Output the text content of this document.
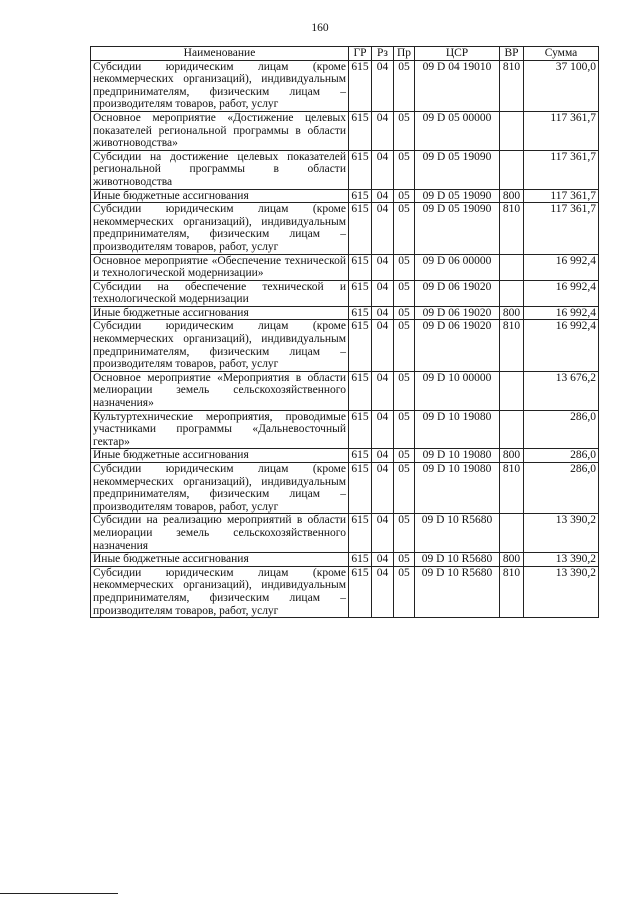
160
Наименование	ГР	Рз	Пр	ЦСР	ВР	Сумма
Субсидии юридическим лицам (кроме некоммерческих организаций), индивидуальным предпринимателям, физическим лицам – производителям товаров, работ, услуг	615	04	05	09 D 04 19010	810	37 100,0
Основное мероприятие «Достижение целевых показателей региональной программы в области животноводства»	615	04	05	09 D 05 00000		117 361,7
Субсидии на достижение целевых показателей региональной программы в области животноводства	615	04	05	09 D 05 19090		117 361,7
Иные бюджетные ассигнования	615	04	05	09 D 05 19090	800	117 361,7
Субсидии юридическим лицам (кроме некоммерческих организаций), индивидуальным предпринимателям, физическим лицам – производителям товаров, работ, услуг	615	04	05	09 D 05 19090	810	117 361,7
Основное мероприятие «Обеспечение технической и технологической модернизации»	615	04	05	09 D 06 00000		16 992,4
Субсидии на обеспечение технической и технологической модернизации	615	04	05	09 D 06 19020		16 992,4
Иные бюджетные ассигнования	615	04	05	09 D 06 19020	800	16 992,4
Субсидии юридическим лицам (кроме некоммерческих организаций), индивидуальным предпринимателям, физическим лицам – производителям товаров, работ, услуг	615	04	05	09 D 06 19020	810	16 992,4
Основное мероприятие «Мероприятия в области мелиорации земель сельскохозяйственного назначения»	615	04	05	09 D 10 00000		13 676,2
Культуртехнические мероприятия, проводимые участниками программы «Дальневосточный гектар»	615	04	05	09 D 10 19080		286,0
Иные бюджетные ассигнования	615	04	05	09 D 10 19080	800	286,0
Субсидии юридическим лицам (кроме некоммерческих организаций), индивидуальным предпринимателям, физическим лицам – производителям товаров, работ, услуг	615	04	05	09 D 10 19080	810	286,0
Субсидии на реализацию мероприятий в области мелиорации земель сельскохозяйственного назначения	615	04	05	09 D 10 R5680		13 390,2
Иные бюджетные ассигнования	615	04	05	09 D 10 R5680	800	13 390,2
Субсидии юридическим лицам (кроме некоммерческих организаций), индивидуальным предпринимателям, физическим лицам – производителям товаров, работ, услуг	615	04	05	09 D 10 R5680	810	13 390,2
